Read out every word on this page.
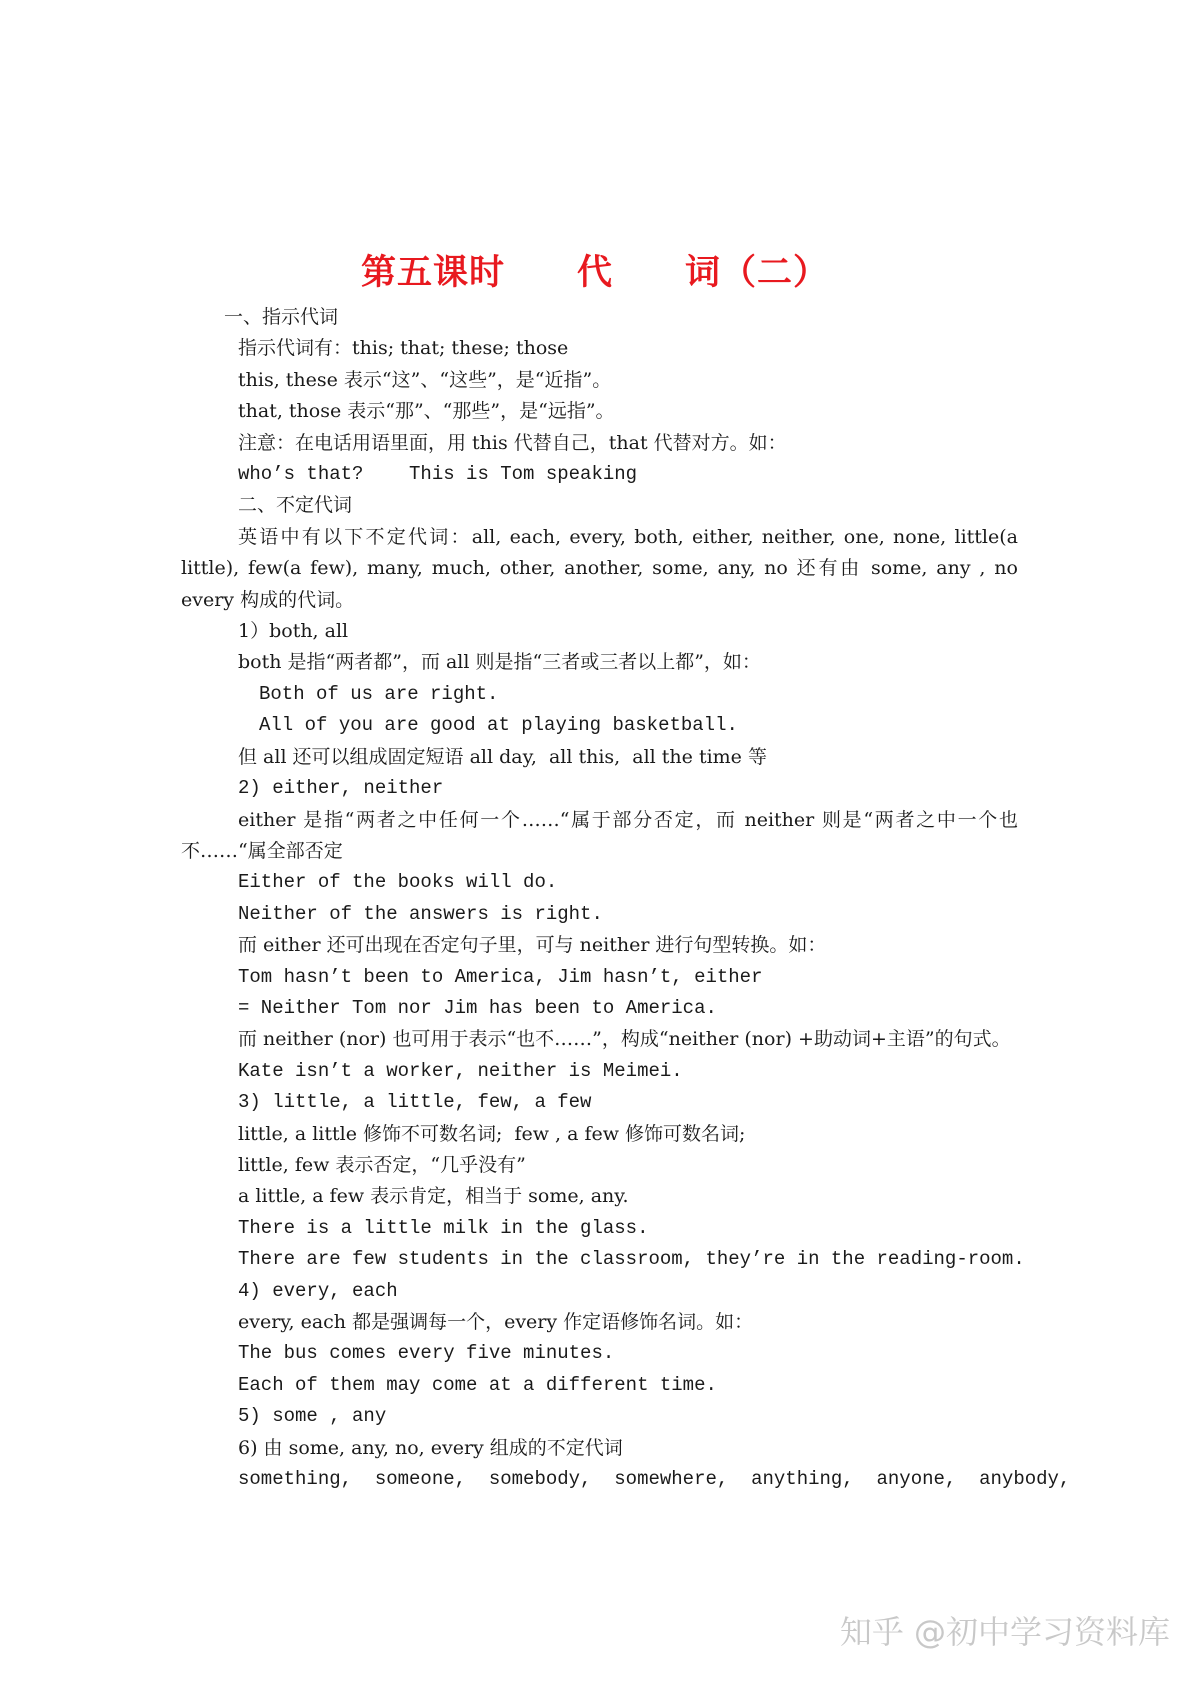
第五课时　　代　　词（二）
一、指示代词
指示代词有：this; that; these; those
this, these 表示“这”、“这些”，是“近指”。
that, those 表示“那”、“那些”，是“远指”。
注意：在电话用语里面，用 this 代替自己，that 代替对方。如：
who’s that?    This is Tom speaking
二、不定代词
英语中有以下不定代词：all, each, every, both, either, neither, one, none, little(a little), few(a few), many, much, other, another, some, any, no 还有由 some, any , no every 构成的代词。
1）both, all
both 是指“两者都”，而 all 则是指“三者或三者以上都”，如：
Both of us are right.
All of you are good at playing basketball.
但 all 还可以组成固定短语 all day,  all this,  all the time 等
2) either, neither
either 是指“两者之中任何一个……“属于部分否定，而 neither 则是“两者之中一个也不……“属全部否定
Either of the books will do.
Neither of the answers is right.
而 either 还可出现在否定句子里，可与 neither 进行句型转换。如：
Tom hasn’t been to America, Jim hasn’t, either
= Neither Tom nor Jim has been to America.
而 neither (nor) 也可用于表示“也不……”，构成“neither (nor) +助动词+主语”的句式。
Kate isn’t a worker, neither is Meimei.
3) little, a little, few, a few
little, a little 修饰不可数名词;  few , a few 修饰可数名词;
little, few 表示否定，“几乎没有”
a little, a few 表示肯定，相当于 some, any.
There is a little milk in the glass.
There are few students in the classroom, they’re in the reading-room.
4) every, each
every, each 都是强调每一个，every 作定语修饰名词。如：
The bus comes every five minutes.
Each of them may come at a different time.
5) some , any
6) 由 some, any, no, every 组成的不定代词
something,  someone,  somebody,  somewhere,  anything,  anyone,  anybody,
知乎 @初中学习资料库
